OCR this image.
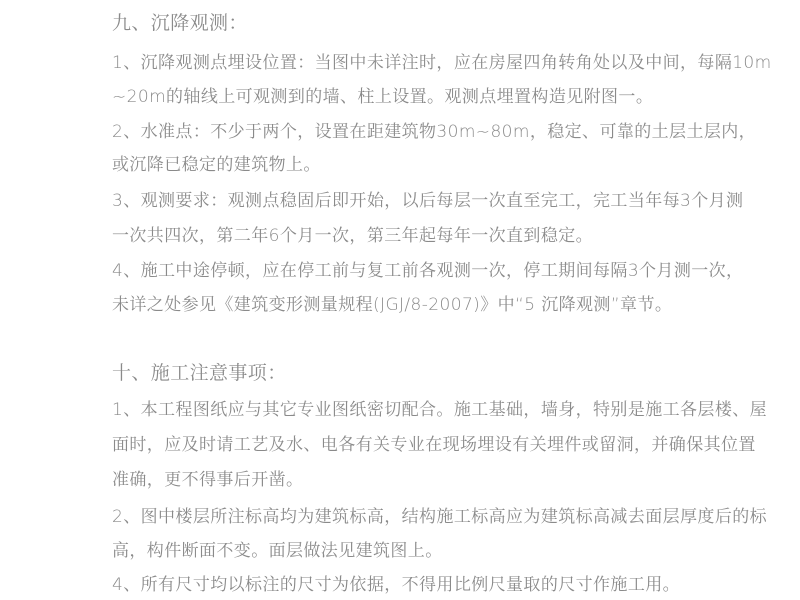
九、沉降观测：
1、沉降观测点埋设位置：当图中未详注时，应在房屋四角转角处以及中间，每隔10m
~20m的轴线上可观测到的墙、柱上设置。观测点埋置构造见附图一。
2、水准点：不少于两个，设置在距建筑物30m~80m，稳定、可靠的土层土层内，
或沉降已稳定的建筑物上。
3、观测要求：观测点稳固后即开始，以后每层一次直至完工，完工当年每3个月测
一次共四次，第二年6个月一次，第三年起每年一次直到稳定。
4、施工中途停顿，应在停工前与复工前各观测一次，停工期间每隔3个月测一次，
未详之处参见《建筑变形测量规程(JGJ/8-2007)》中“5 沉降观测”章节。
十、施工注意事项：
1、本工程图纸应与其它专业图纸密切配合。施工基础，墙身，特别是施工各层楼、屋
面时，应及时请工艺及水、电各有关专业在现场埋设有关埋件或留洞，并确保其位置
准确，更不得事后开凿。
2、图中楼层所注标高均为建筑标高，结构施工标高应为建筑标高减去面层厚度后的标
高，构件断面不变。面层做法见建筑图上。
4、所有尺寸均以标注的尺寸为依据，不得用比例尺量取的尺寸作施工用。
